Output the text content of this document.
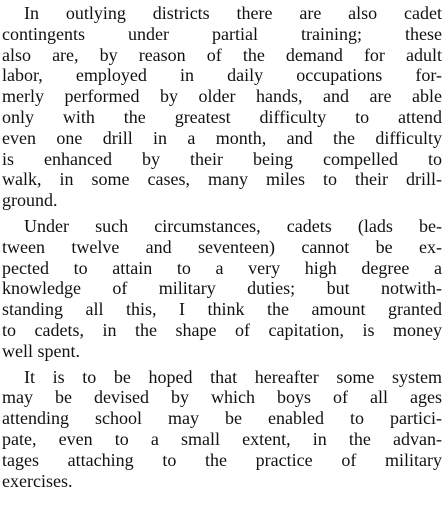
In outlying districts there are also cadet
contingents under partial training; these
also are, by reason of the demand for adult
labor, employed in daily occupations for-
merly performed by older hands, and are able
only with the greatest difficulty to attend
even one drill in a month, and the difficulty
is enhanced by their being compelled to
walk, in some cases, many miles to their drill-
ground.

Under such circumstances, cadets (lads be-
tween twelve and seventeen) cannot be ex-
pected to attain to a very high degree a
knowledge of military duties; but notwith-
standing all this, I think the amount granted
to cadets, in the shape of capitation, is money
well spent.

It is to be hoped that hereafter some system
may be devised by which boys of all ages
attending school may be enabled to partici-
pate, even to a small extent, in the advan-
tages attaching to the practice of military
exercises.
